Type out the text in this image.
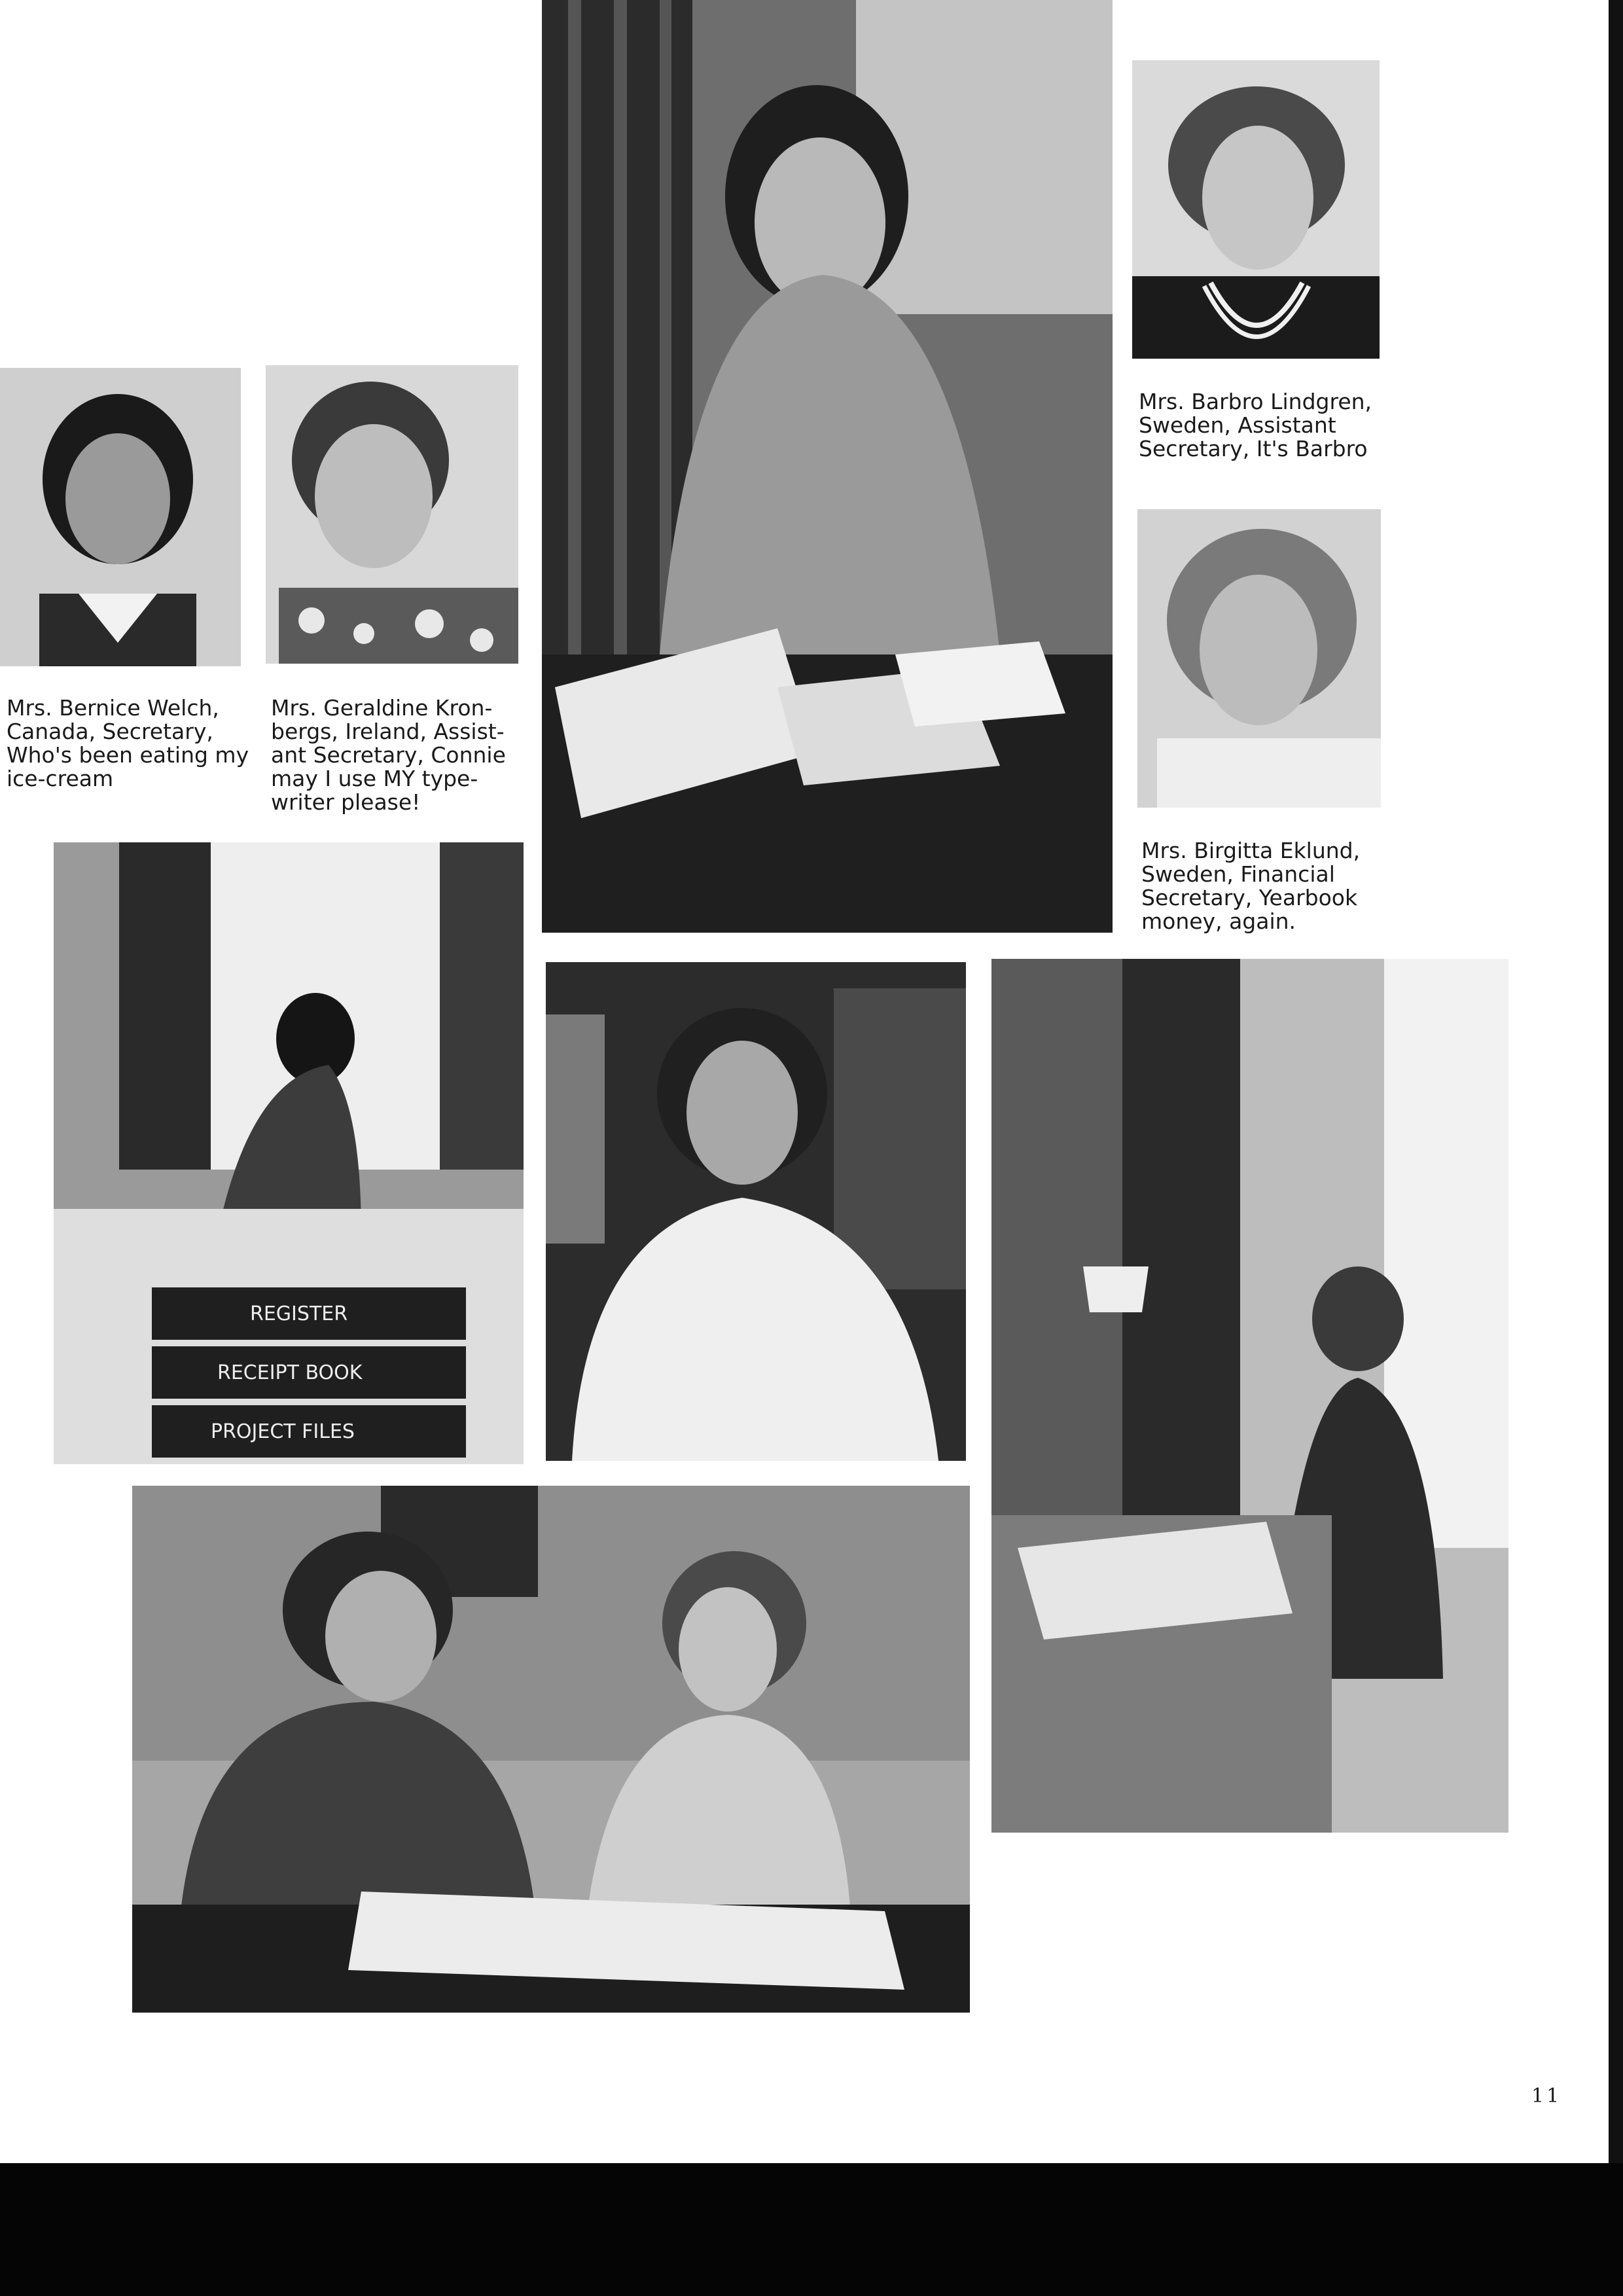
REGISTER
RECEIPT BOOK
PROJECT FILES

Mrs. Bernice Welch,
Canada, Secretary,
Who's been eating my
ice-cream

Mrs. Geraldine Kron-
bergs, Ireland, Assist-
ant Secretary, Connie
may I use MY type-
writer please!

Mrs. Barbro Lindgren,
Sweden, Assistant
Secretary, It's Barbro

Mrs. Birgitta Eklund,
Sweden, Financial
Secretary, Yearbook
money, again.

11
